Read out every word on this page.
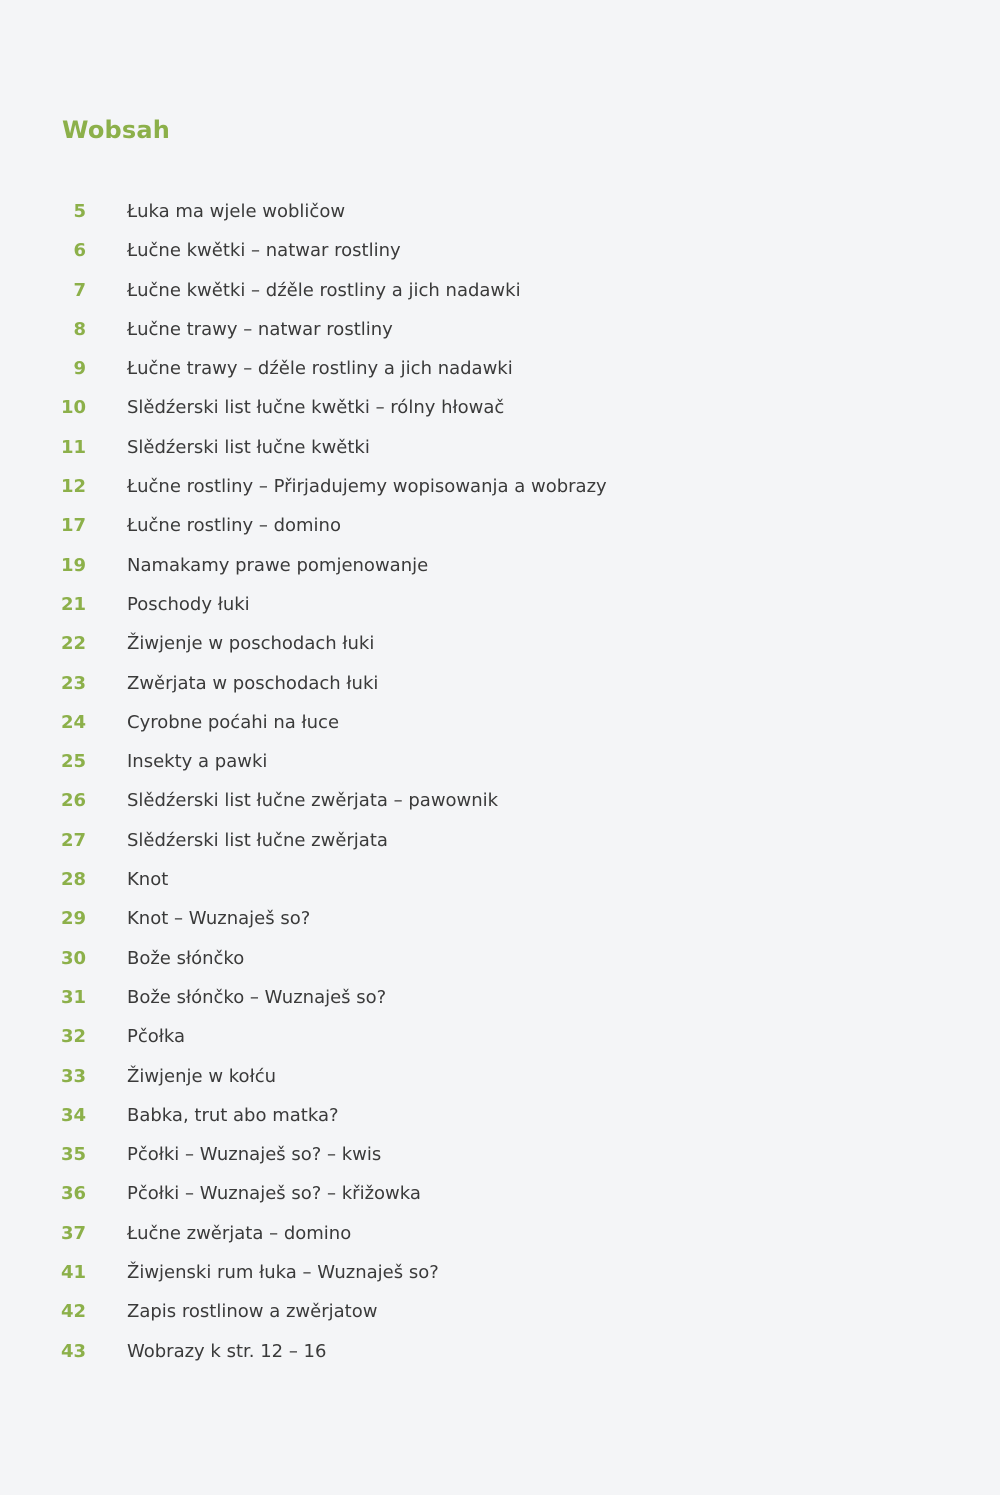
Wobsah
5 Łuka ma wjele wobličow
6 Łučne kwětki – natwar rostliny
7 Łučne kwětki – dźěle rostliny a jich nadawki
8 Łučne trawy – natwar rostliny
9 Łučne trawy – dźěle rostliny a jich nadawki
10 Slědźerski list łučne kwětki – rólny hłowač
11 Slědźerski list łučne kwětki
12 Łučne rostliny – Přirjadujemy wopisowanja a wobrazy
17 Łučne rostliny – domino
19 Namakamy prawe pomjenowanje
21 Poschody łuki
22 Žiwjenje w poschodach łuki
23 Zwěrjata w poschodach łuki
24 Cyrobne poćahi na łuce
25 Insekty a pawki
26 Slědźerski list łučne zwěrjata – pawownik
27 Slědźerski list łučne zwěrjata
28 Knot
29 Knot – Wuznaješ so?
30 Bože słónčko
31 Bože słónčko – Wuznaješ so?
32 Pčołka
33 Žiwjenje w kołću
34 Babka, trut abo matka?
35 Pčołki – Wuznaješ so? – kwis
36 Pčołki – Wuznaješ so? – křižowka
37 Łučne zwěrjata – domino
41 Žiwjenski rum łuka – Wuznaješ so?
42 Zapis rostlinow a zwěrjatow
43 Wobrazy k str. 12 – 16
